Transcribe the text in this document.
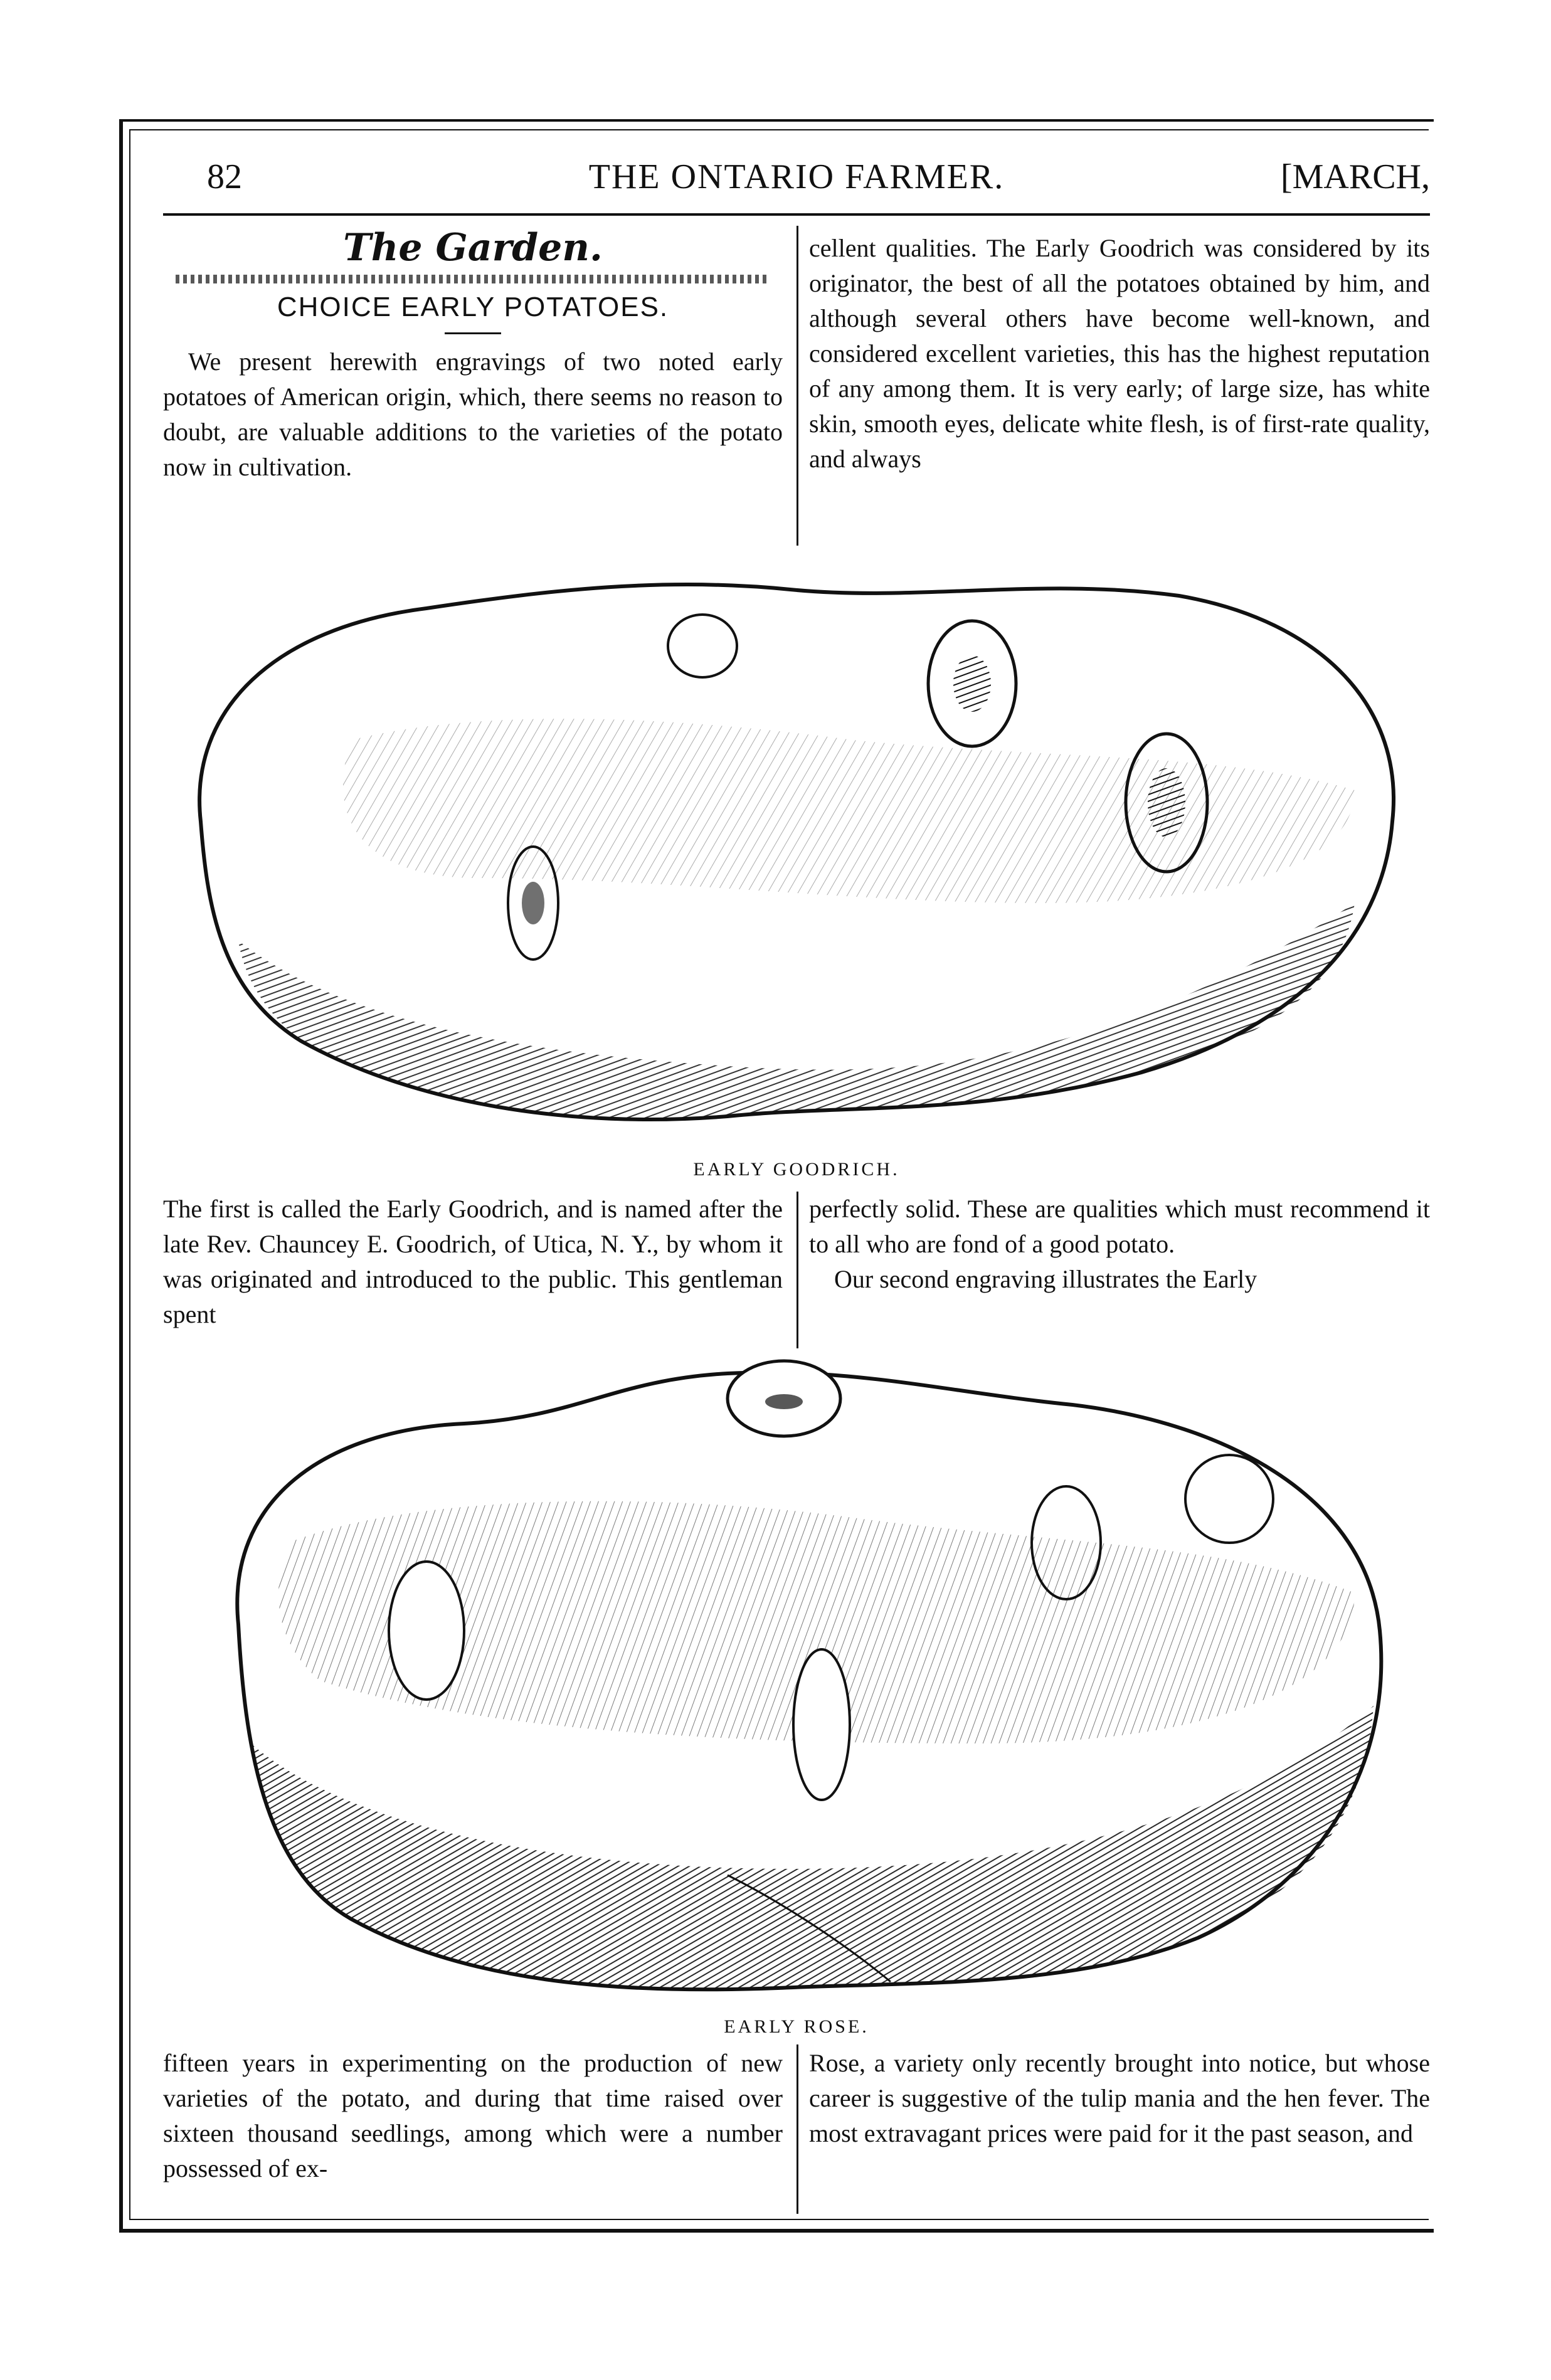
82	THE ONTARIO FARMER.	[MARCH,
The Garden.
CHOICE EARLY POTATOES.

We present herewith engravings of two noted early potatoes of American origin, which, there seems no reason to doubt, are valuable additions to the varieties of the potato now in cultivation.

cellent qualities. The Early Goodrich was considered by its originator, the best of all the potatoes obtained by him, and although several others have become well-known, and considered excellent varieties, this has the highest reputation of any among them. It is very early; of large size, has white skin, smooth eyes, delicate white flesh, is of first-rate quality, and always

EARLY GOODRICH.

The first is called the Early Goodrich, and is named after the late Rev. Chauncey E. Goodrich, of Utica, N. Y., by whom it was originated and introduced to the public. This gentleman spent

perfectly solid. These are qualities which must recommend it to all who are fond of a good potato.

Our second engraving illustrates the Early

EARLY ROSE.

fifteen years in experimenting on the production of new varieties of the potato, and during that time raised over sixteen thousand seedlings, among which were a number possessed of ex-

Rose, a variety only recently brought into notice, but whose career is suggestive of the tulip mania and the hen fever. The most extravagant prices were paid for it the past season, and
